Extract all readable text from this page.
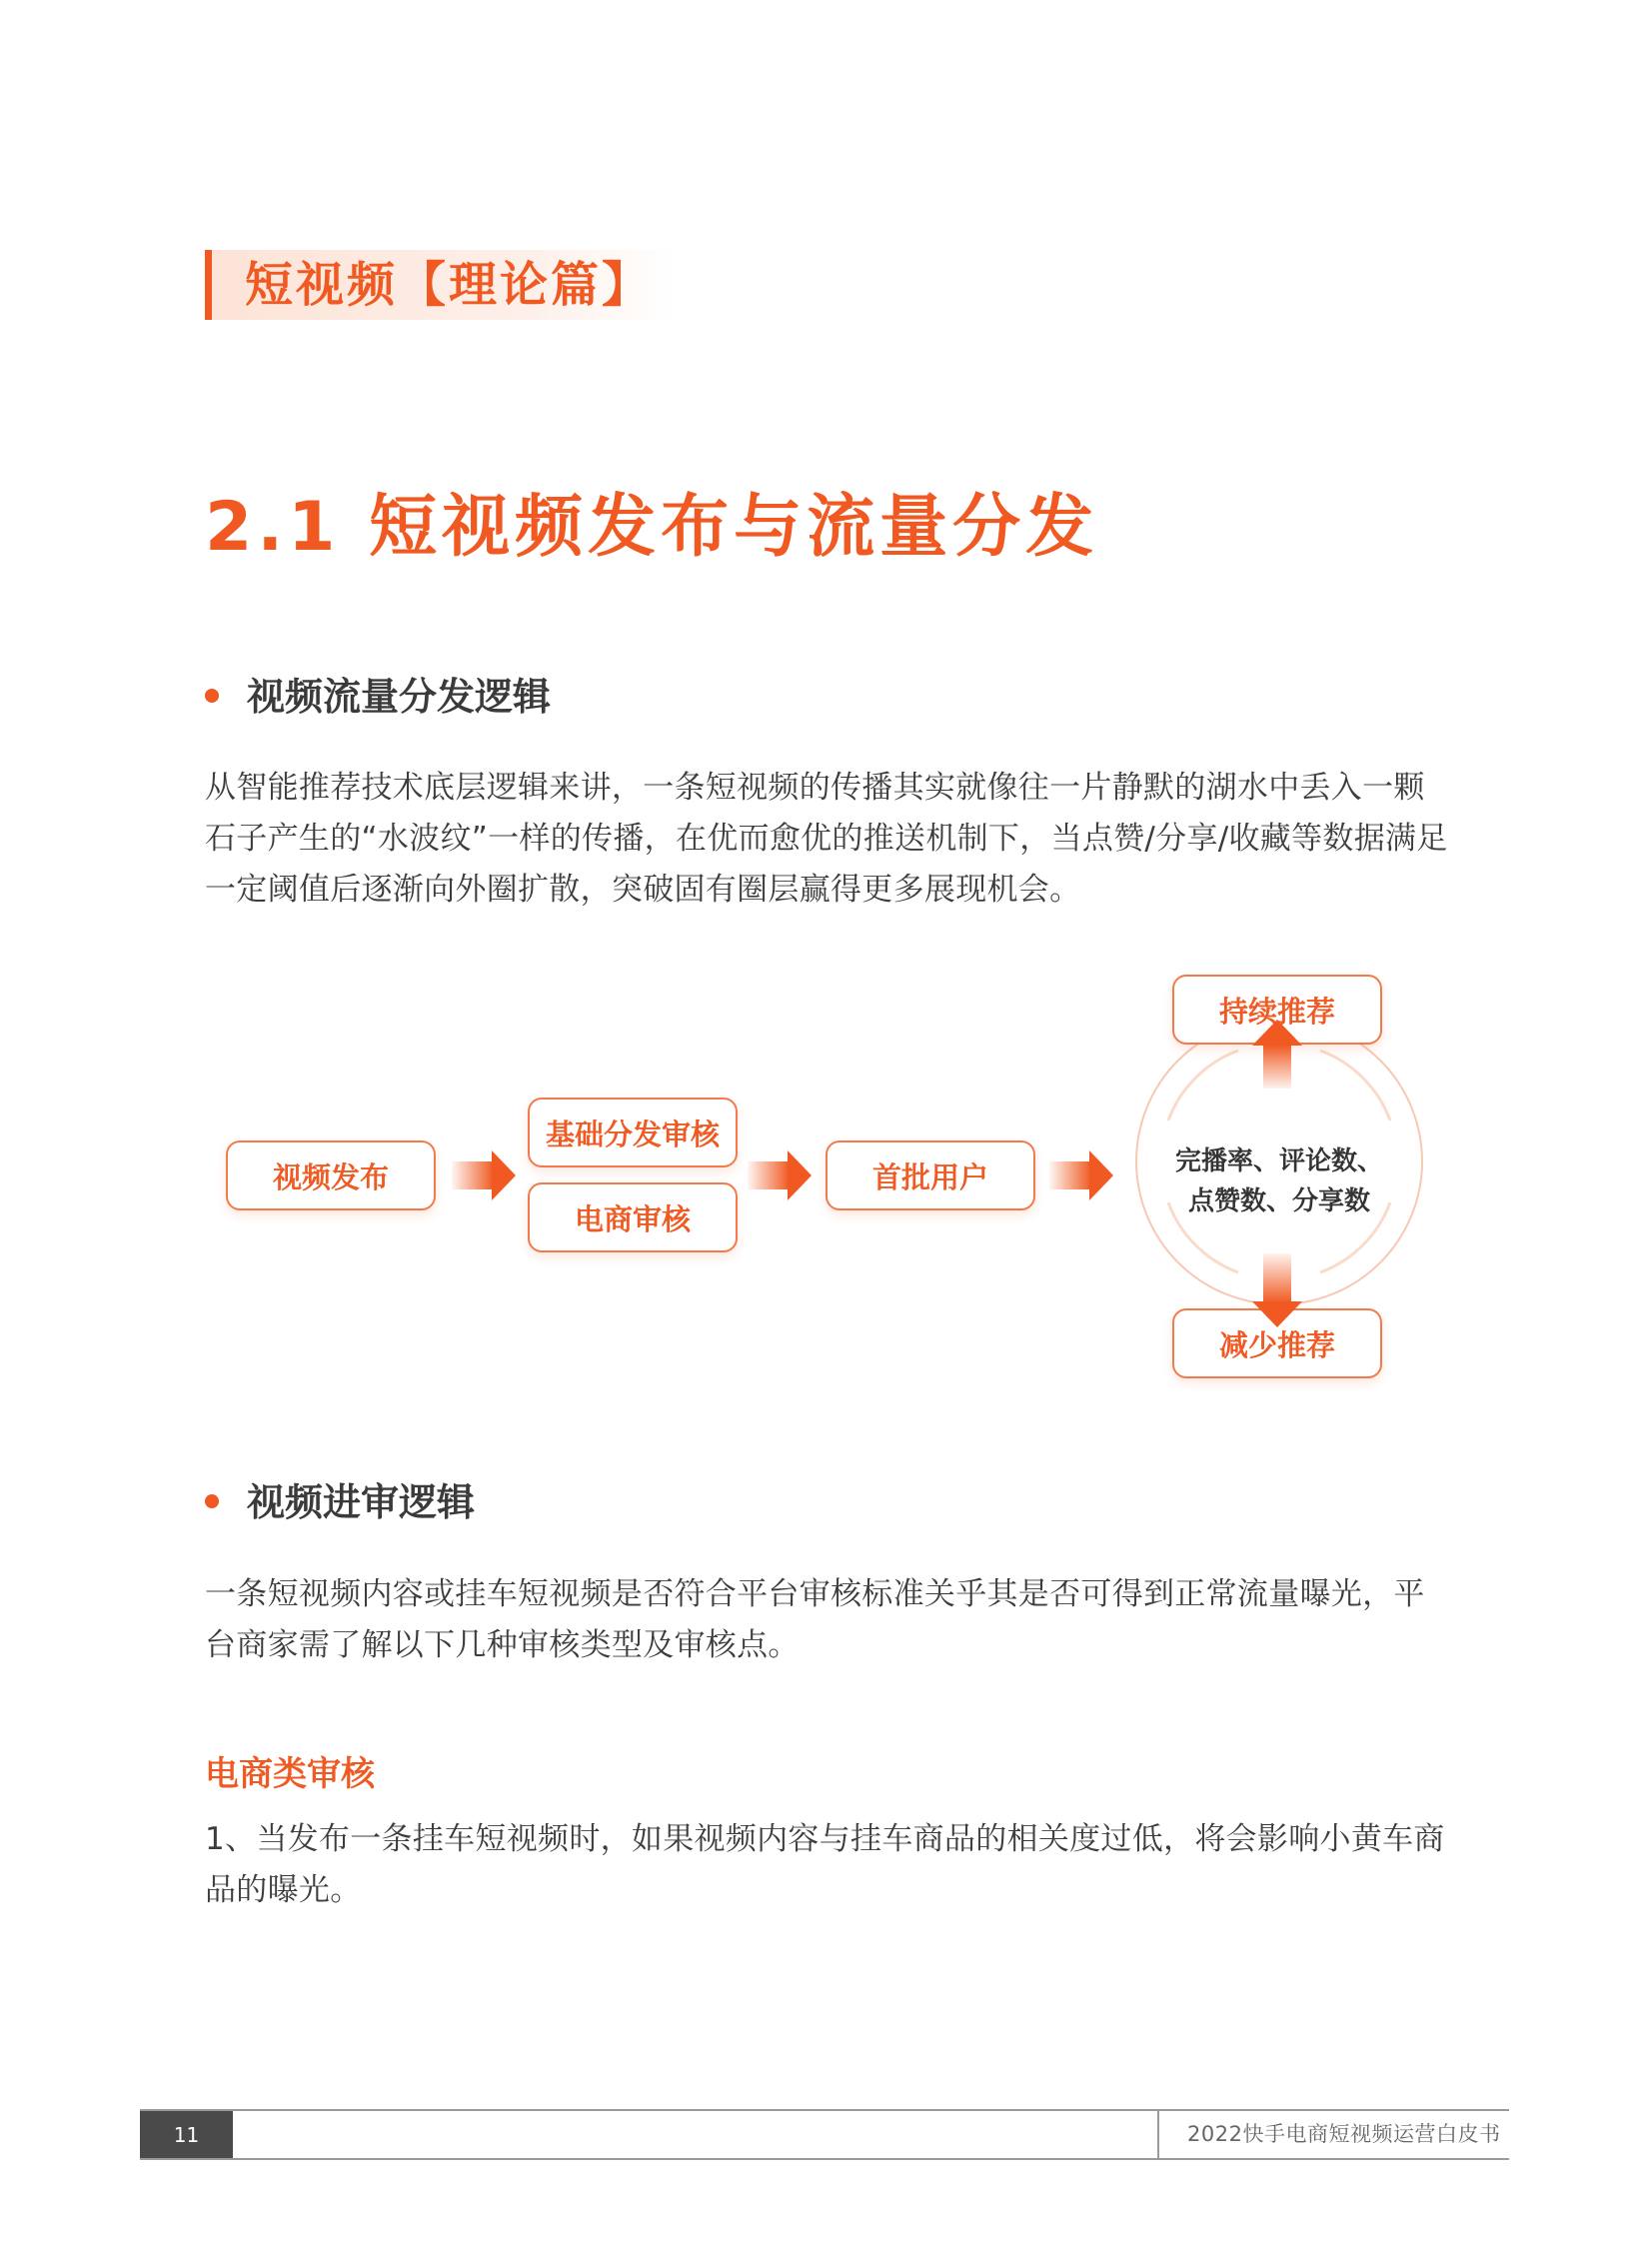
短视频【理论篇】
2.1 短视频发布与流量分发
视频流量分发逻辑
从智能推荐技术底层逻辑来讲，一条短视频的传播其实就像往一片静默的湖水中丢入一颗石子产生的“水波纹”一样的传播，在优而愈优的推送机制下，当点赞/分享/收藏等数据满足一定阈值后逐渐向外圈扩散，突破固有圈层赢得更多展现机会。
视频发布
基础分发审核
电商审核
首批用户	完播率、评论数、
点赞数、分享数
持续推荐
减少推荐
视频进审逻辑
一条短视频内容或挂车短视频是否符合平台审核标准关乎其是否可得到正常流量曝光，平台商家需了解以下几种审核类型及审核点。
电商类审核
1、当发布一条挂车短视频时，如果视频内容与挂车商品的相关度过低，将会影响小黄车商品的曝光。
11	2022快手电商短视频运营白皮书
